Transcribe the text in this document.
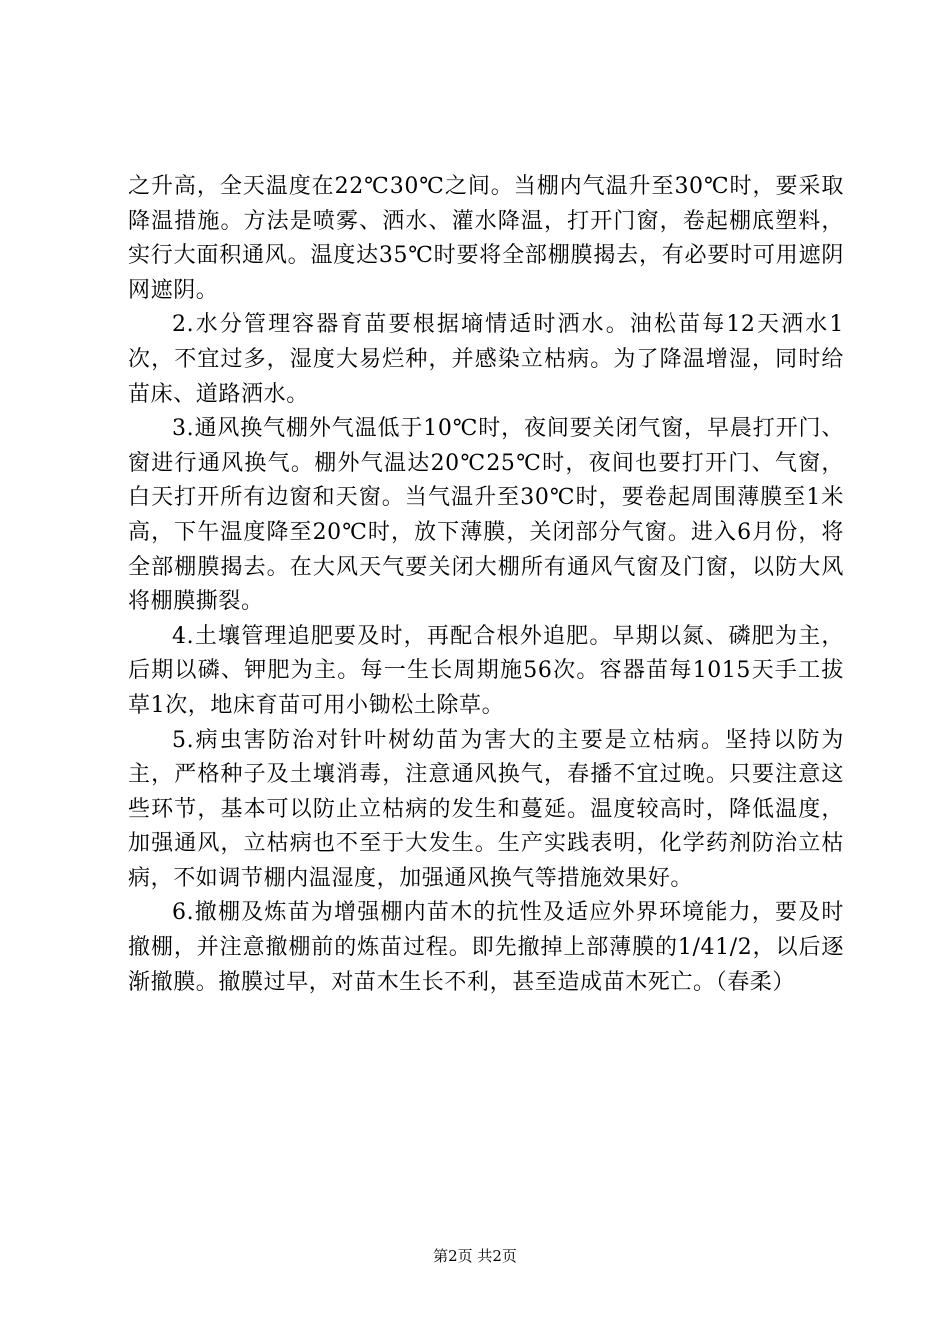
之升高，全天温度在22℃30℃之间。当棚内气温升至30℃时，要采取降温措施。方法是喷雾、洒水、灌水降温，打开门窗，卷起棚底塑料，实行大面积通风。温度达35℃时要将全部棚膜揭去，有必要时可用遮阴网遮阴。

2.水分管理容器育苗要根据墒情适时洒水。油松苗每12天洒水1次，不宜过多，湿度大易烂种，并感染立枯病。为了降温增湿，同时给苗床、道路洒水。

3.通风换气棚外气温低于10℃时，夜间要关闭气窗，早晨打开门、窗进行通风换气。棚外气温达20℃25℃时，夜间也要打开门、气窗，白天打开所有边窗和天窗。当气温升至30℃时，要卷起周围薄膜至1米高，下午温度降至20℃时，放下薄膜，关闭部分气窗。进入6月份，将全部棚膜揭去。在大风天气要关闭大棚所有通风气窗及门窗，以防大风将棚膜撕裂。

4.土壤管理追肥要及时，再配合根外追肥。早期以氮、磷肥为主，后期以磷、钾肥为主。每一生长周期施56次。容器苗每1015天手工拔草1次，地床育苗可用小锄松土除草。

5.病虫害防治对针叶树幼苗为害大的主要是立枯病。坚持以防为主，严格种子及土壤消毒，注意通风换气，春播不宜过晚。只要注意这些环节，基本可以防止立枯病的发生和蔓延。温度较高时，降低温度，加强通风，立枯病也不至于大发生。生产实践表明，化学药剂防治立枯病，不如调节棚内温湿度，加强通风换气等措施效果好。

6.撤棚及炼苗为增强棚内苗木的抗性及适应外界环境能力，要及时撤棚，并注意撤棚前的炼苗过程。即先撤掉上部薄膜的1/41/2，以后逐渐撤膜。撤膜过早，对苗木生长不利，甚至造成苗木死亡。（春柔）

第2页 共2页
